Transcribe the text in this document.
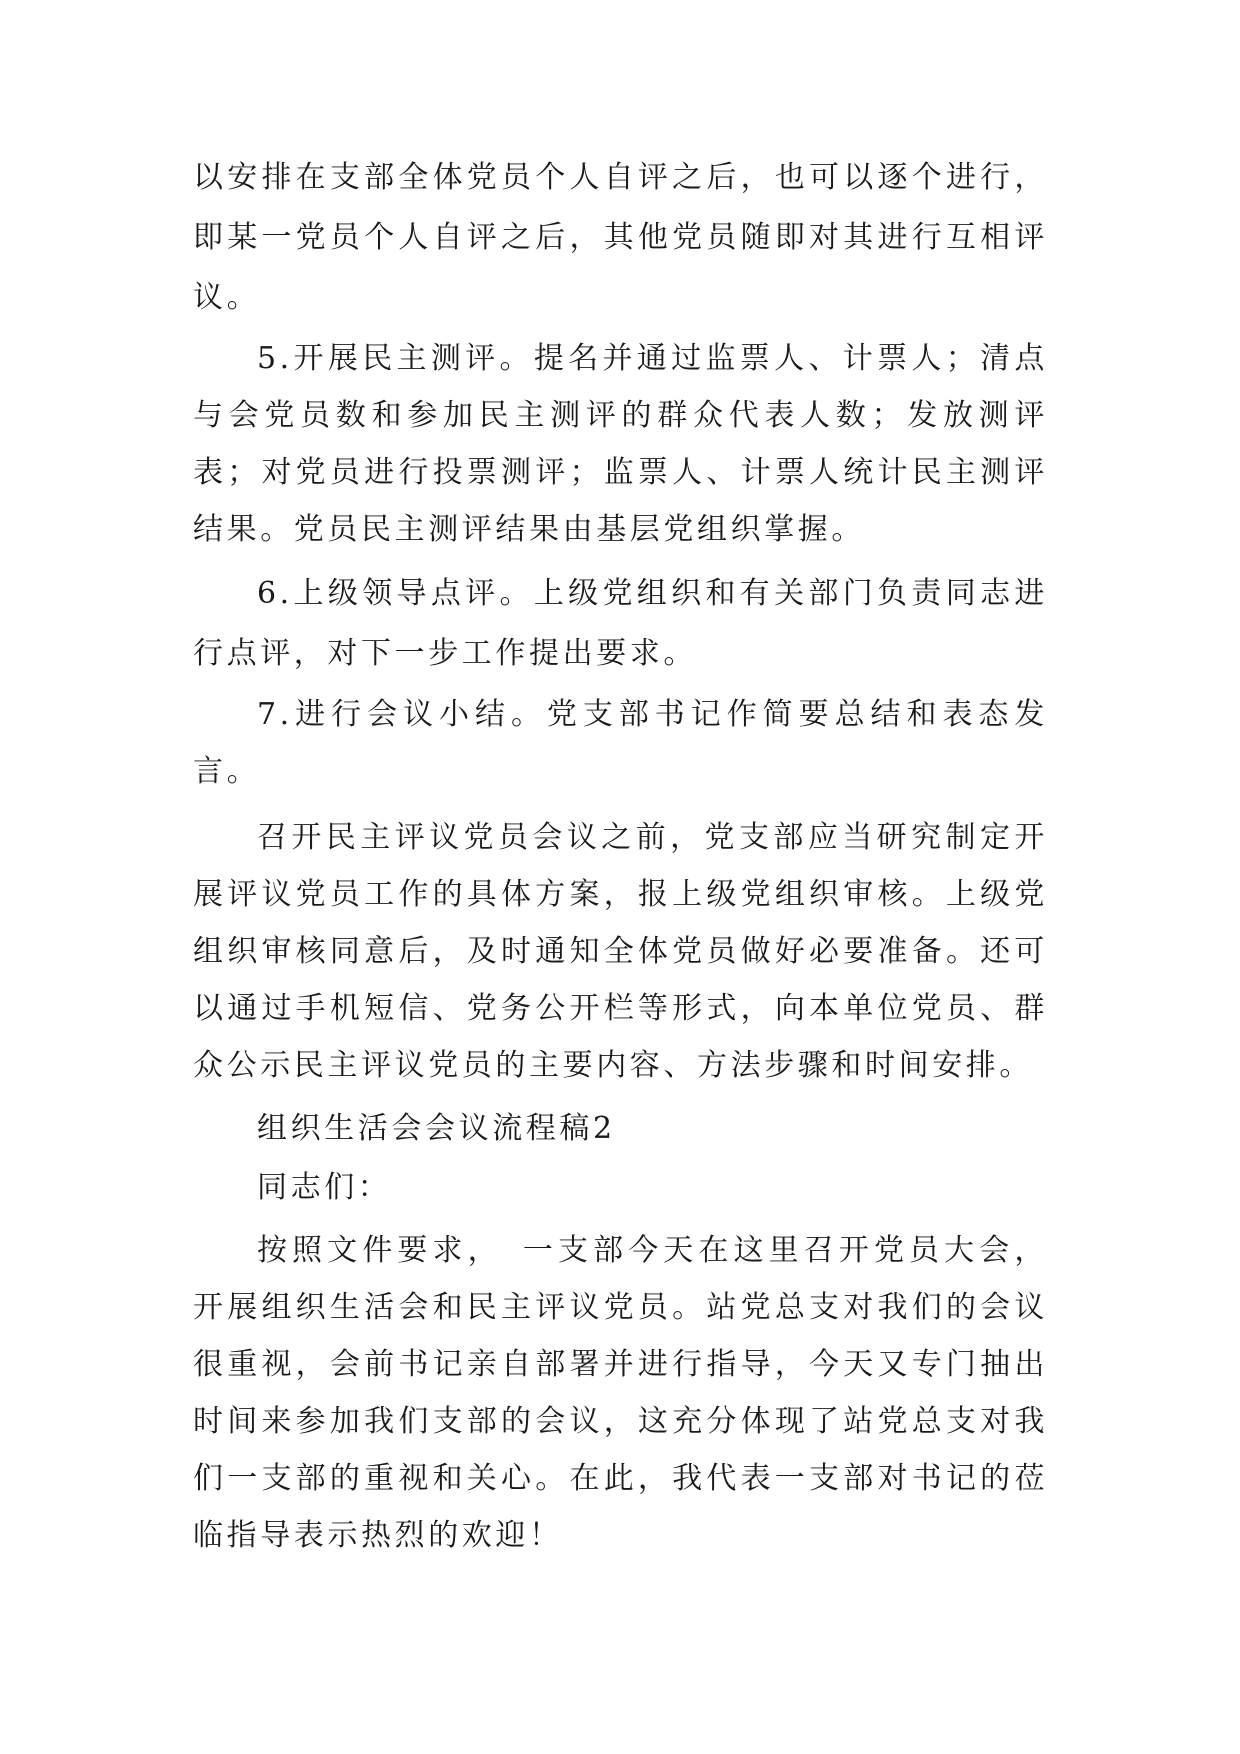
以安排在支部全体党员个人自评之后，也可以逐个进行，即某一党员个人自评之后，其他党员随即对其进行互相评议。

5.开展民主测评。提名并通过监票人、计票人；清点与会党员数和参加民主测评的群众代表人数；发放测评表；对党员进行投票测评；监票人、计票人统计民主测评结果。党员民主测评结果由基层党组织掌握。

6.上级领导点评。上级党组织和有关部门负责同志进行点评，对下一步工作提出要求。

7.进行会议小结。党支部书记作简要总结和表态发言。

召开民主评议党员会议之前，党支部应当研究制定开展评议党员工作的具体方案，报上级党组织审核。上级党组织审核同意后，及时通知全体党员做好必要准备。还可以通过手机短信、党务公开栏等形式，向本单位党员、群众公示民主评议党员的主要内容、方法步骤和时间安排。

组织生活会会议流程稿2

同志们：

按照文件要求，　一支部今天在这里召开党员大会，开展组织生活会和民主评议党员。站党总支对我们的会议很重视，会前书记亲自部署并进行指导，今天又专门抽出时间来参加我们支部的会议，这充分体现了站党总支对我们一支部的重视和关心。在此，我代表一支部对书记的莅临指导表示热烈的欢迎！
